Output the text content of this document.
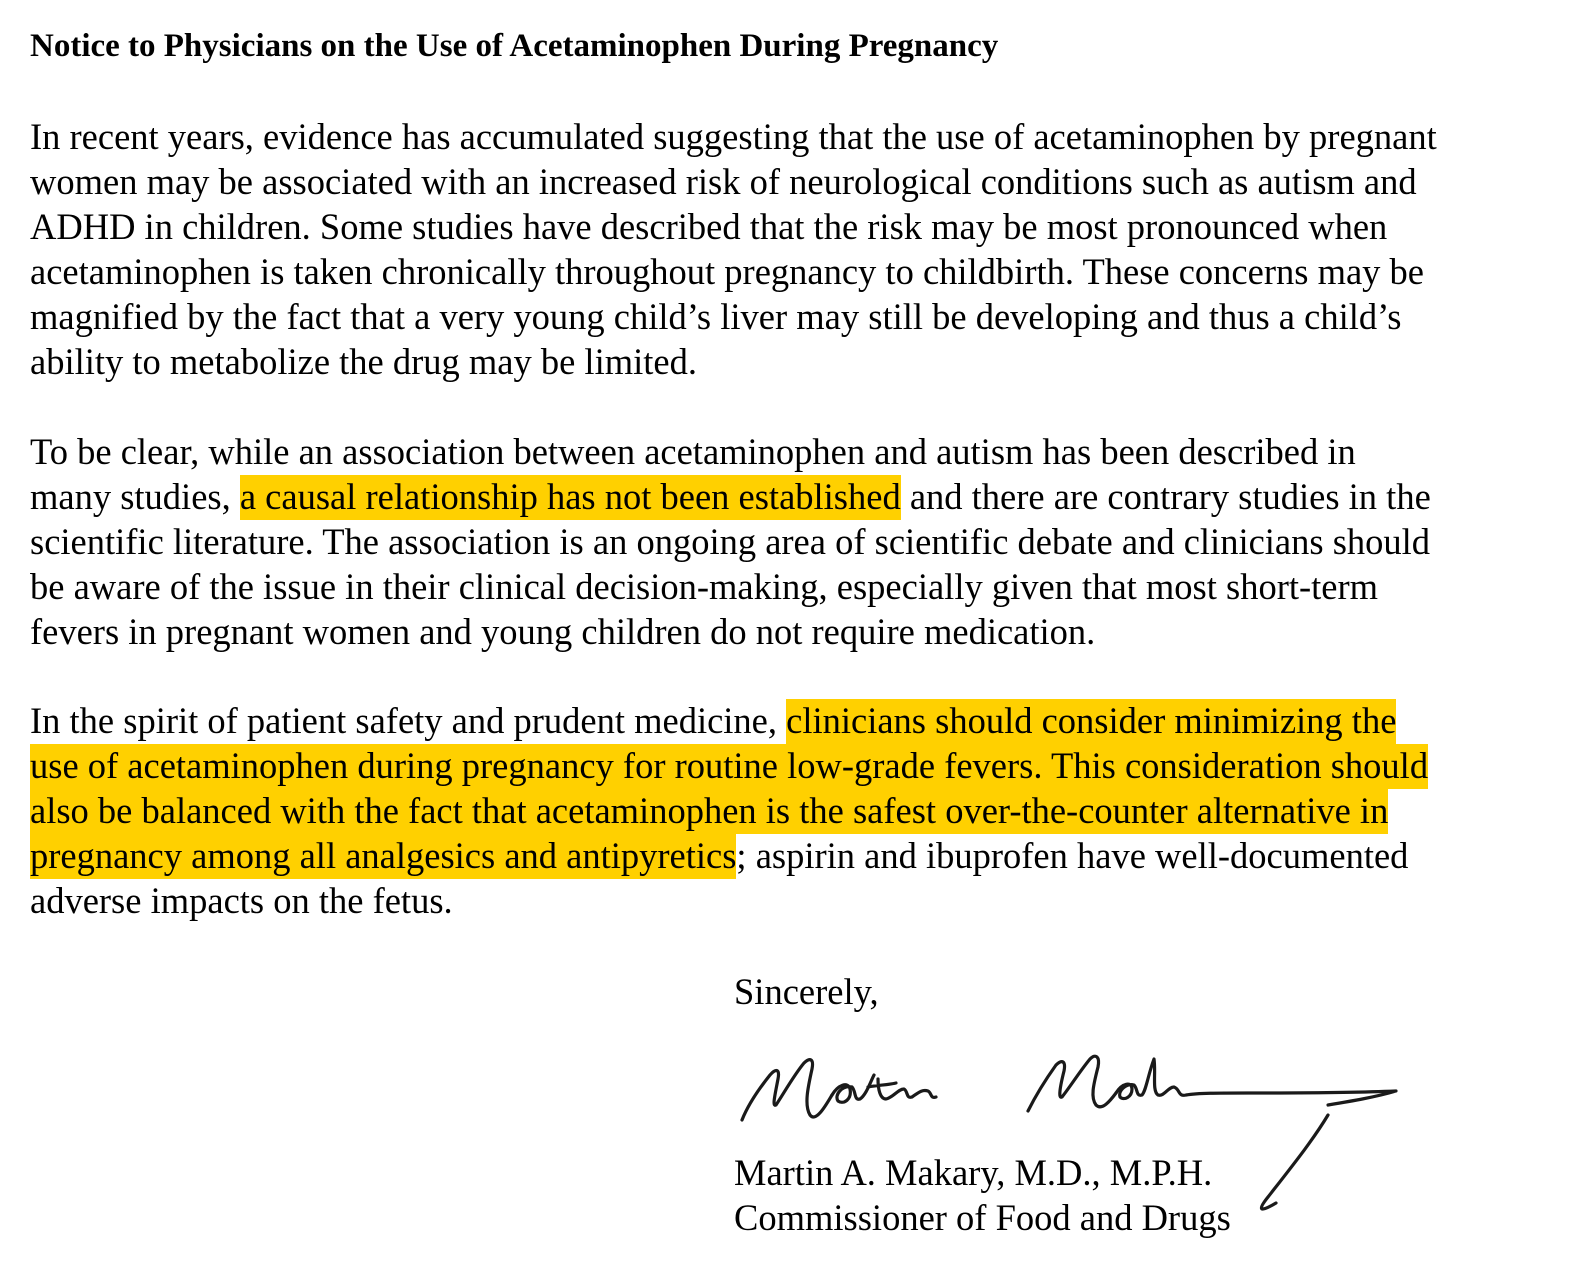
Notice to Physicians on the Use of Acetaminophen During Pregnancy

In recent years, evidence has accumulated suggesting that the use of acetaminophen by pregnant
women may be associated with an increased risk of neurological conditions such as autism and
ADHD in children. Some studies have described that the risk may be most pronounced when
acetaminophen is taken chronically throughout pregnancy to childbirth. These concerns may be
magnified by the fact that a very young child’s liver may still be developing and thus a child’s
ability to metabolize the drug may be limited.

To be clear, while an association between acetaminophen and autism has been described in
many studies, a causal relationship has not been established and there are contrary studies in the
scientific literature. The association is an ongoing area of scientific debate and clinicians should
be aware of the issue in their clinical decision-making, especially given that most short-term
fevers in pregnant women and young children do not require medication.

In the spirit of patient safety and prudent medicine, clinicians should consider minimizing the
use of acetaminophen during pregnancy for routine low-grade fevers. This consideration should
also be balanced with the fact that acetaminophen is the safest over-the-counter alternative in
pregnancy among all analgesics and antipyretics; aspirin and ibuprofen have well-documented
adverse impacts on the fetus.

Sincerely,

Martin A. Makary, M.D., M.P.H.
Commissioner of Food and Drugs
